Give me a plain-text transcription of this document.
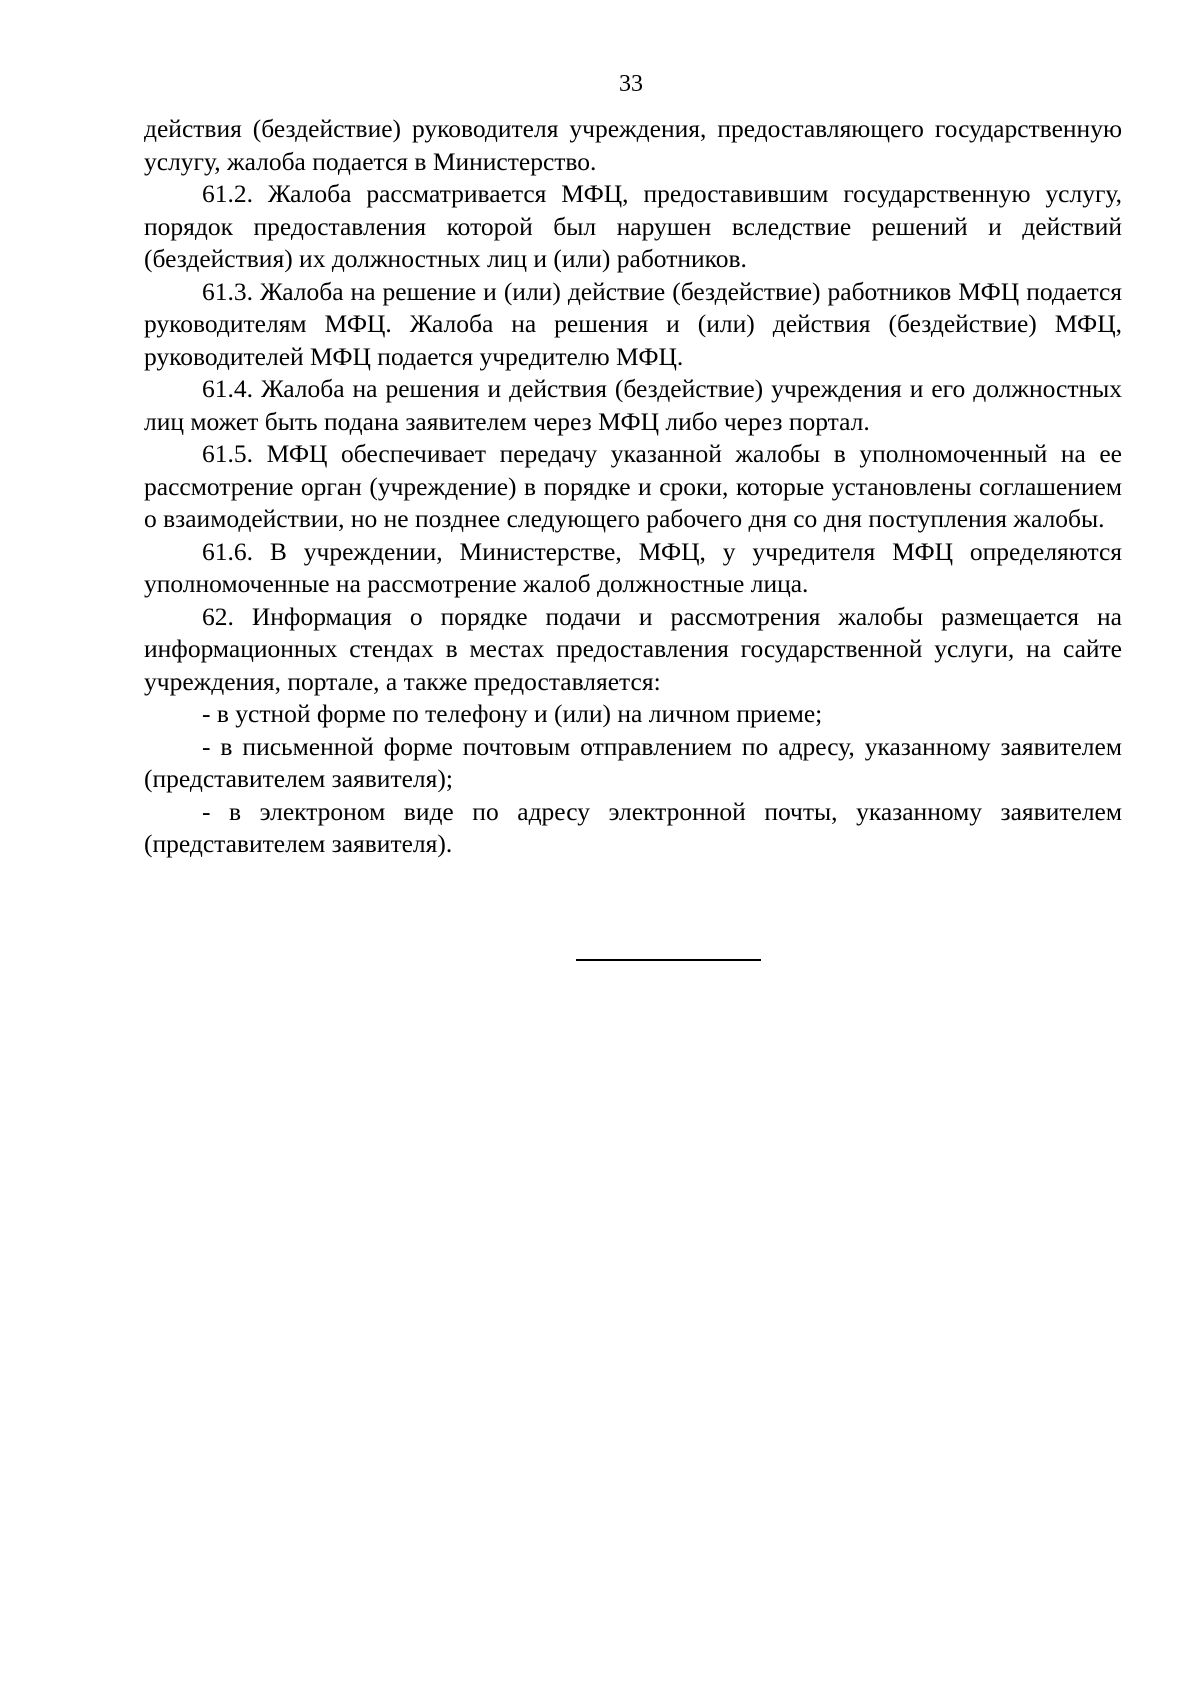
33

действия (бездействие) руководителя учреждения, предоставляющего государственную услугу, жалоба подается в Министерство.

61.2. Жалоба рассматривается МФЦ, предоставившим государственную услугу, порядок предоставления которой был нарушен вследствие решений и действий (бездействия) их должностных лиц и (или) работников.

61.3. Жалоба на решение и (или) действие (бездействие) работников МФЦ подается руководителям МФЦ. Жалоба на решения и (или) действия (бездействие) МФЦ, руководителей МФЦ подается учредителю МФЦ.

61.4. Жалоба на решения и действия (бездействие) учреждения и его должностных лиц может быть подана заявителем через МФЦ либо через портал.

61.5. МФЦ обеспечивает передачу указанной жалобы в уполномоченный на ее рассмотрение орган (учреждение) в порядке и сроки, которые установлены соглашением о взаимодействии, но не позднее следующего рабочего дня со дня поступления жалобы.

61.6. В учреждении, Министерстве, МФЦ, у учредителя МФЦ определяются уполномоченные на рассмотрение жалоб должностные лица.

62. Информация о порядке подачи и рассмотрения жалобы размещается на информационных стендах в местах предоставления государственной услуги, на сайте учреждения, портале, а также предоставляется:

- в устной форме по телефону и (или) на личном приеме;

- в письменной форме почтовым отправлением по адресу, указанному заявителем (представителем заявителя);

- в электроном виде по адресу электронной почты, указанному заявителем (представителем заявителя).
